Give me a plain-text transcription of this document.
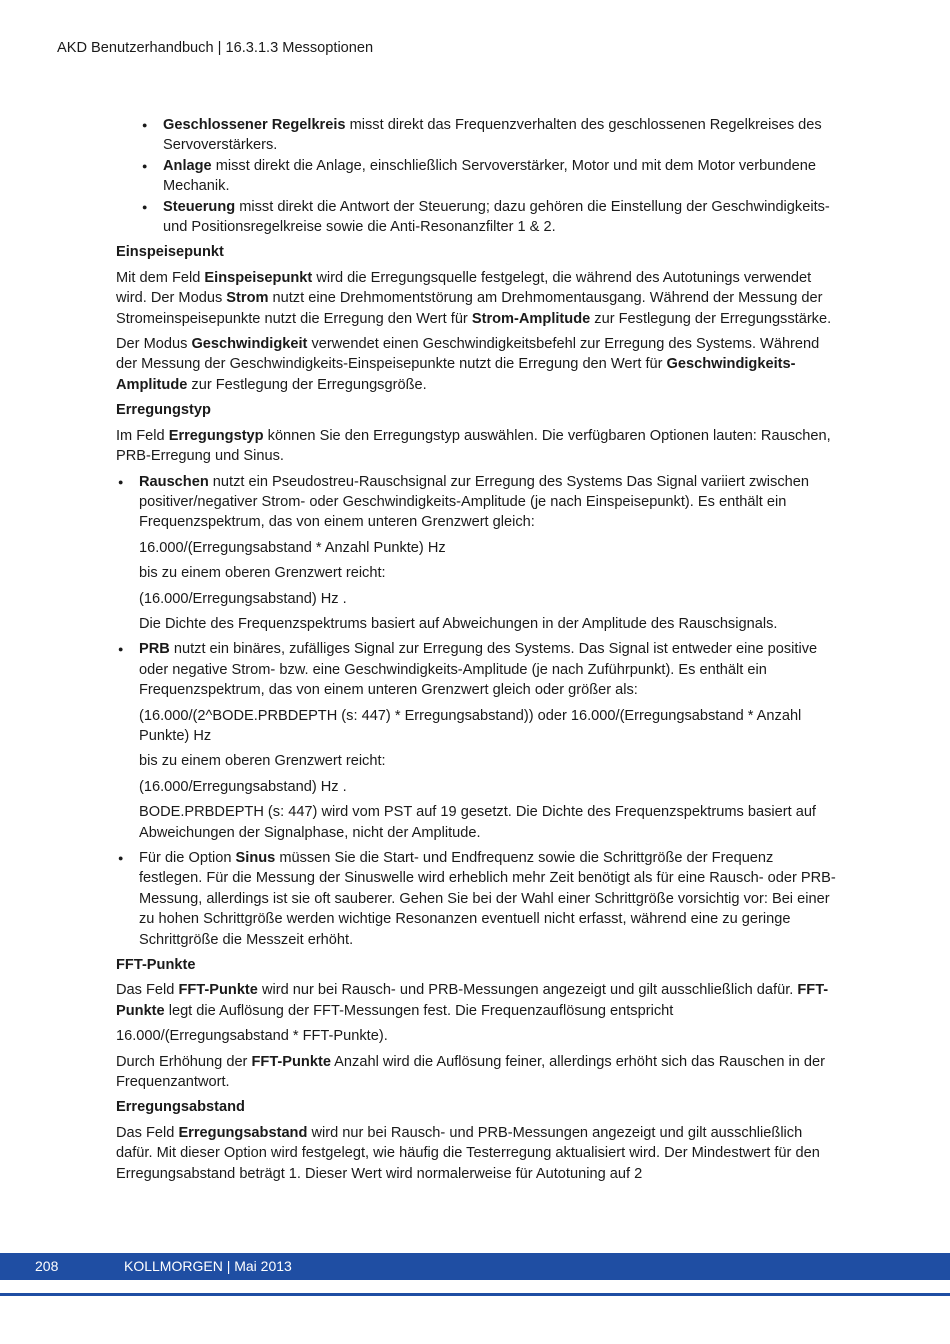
AKD Benutzerhandbuch | 16.3.1.3 Messoptionen
● Geschlossener Regelkreis misst direkt das Frequenzverhalten des geschlossenen Regelkreises des Servoverstärkers.
● Anlage misst direkt die Anlage, einschließlich Servoverstärker, Motor und mit dem Motor verbundene Mechanik.
● Steuerung misst direkt die Antwort der Steuerung; dazu gehören die Einstellung der Geschwindigkeits- und Positionsregelkreise sowie die Anti-Resonanzfilter 1 & 2.
Einspeisepunkt

Mit dem Feld Einspeisepunkt wird die Erregungsquelle festgelegt, die während des Autotunings verwendet wird. Der Modus Strom nutzt eine Drehmomentstörung am Drehmomentausgang. Während der Messung der Stromeinspeisepunkte nutzt die Erregung den Wert für Strom-Amplitude zur Festlegung der Erregungsstärke.

Der Modus Geschwindigkeit verwendet einen Geschwindigkeitsbefehl zur Erregung des Systems. Während der Messung der Geschwindigkeits-Einspeisepunkte nutzt die Erregung den Wert für Geschwindigkeits-Amplitude zur Festlegung der Erregungsgröße.

Erregungstyp

Im Feld Erregungstyp können Sie den Erregungstyp auswählen. Die verfügbaren Optionen lauten: Rauschen, PRB-Erregung und Sinus.

● Rauschen nutzt ein Pseudostreu-Rauschsignal zur Erregung des Systems Das Signal variiert zwischen positiver/negativer Strom- oder Geschwindigkeits-Amplitude (je nach Einspeisepunkt). Es enthält ein Frequenzspektrum, das von einem unteren Grenzwert gleich:

16.000/(Erregungsabstand * Anzahl Punkte) Hz

bis zu einem oberen Grenzwert reicht:

(16.000/Erregungsabstand) Hz .

Die Dichte des Frequenzspektrums basiert auf Abweichungen in der Amplitude des Rauschsignals.

● PRB nutzt ein binäres, zufälliges Signal zur Erregung des Systems. Das Signal ist entweder eine positive oder negative Strom- bzw. eine Geschwindigkeits-Amplitude (je nach Zuführpunkt). Es enthält ein Frequenzspektrum, das von einem unteren Grenzwert gleich oder größer als:

(16.000/(2^BODE.PRBDEPTH (s: 447) * Erregungsabstand)) oder 16.000/(Erregungsabstand * Anzahl Punkte) Hz

bis zu einem oberen Grenzwert reicht:

(16.000/Erregungsabstand) Hz .

BODE.PRBDEPTH (s: 447) wird vom PST auf 19 gesetzt. Die Dichte des Frequenzspektrums basiert auf Abweichungen der Signalphase, nicht der Amplitude.

● Für die Option Sinus müssen Sie die Start- und Endfrequenz sowie die Schrittgröße der Frequenz festlegen. Für die Messung der Sinuswelle wird erheblich mehr Zeit benötigt als für eine Rausch- oder PRB-Messung, allerdings ist sie oft sauberer. Gehen Sie bei der Wahl einer Schrittgröße vorsichtig vor: Bei einer zu hohen Schrittgröße werden wichtige Resonanzen eventuell nicht erfasst, während eine zu geringe Schrittgröße die Messzeit erhöht.

FFT-Punkte

Das Feld FFT-Punkte wird nur bei Rausch- und PRB-Messungen angezeigt und gilt ausschließlich dafür. FFT-Punkte legt die Auflösung der FFT-Messungen fest. Die Frequenzauflösung entspricht

16.000/(Erregungsabstand * FFT-Punkte).

Durch Erhöhung der FFT-Punkte Anzahl wird die Auflösung feiner, allerdings erhöht sich das Rauschen in der Frequenzantwort.

Erregungsabstand

Das Feld Erregungsabstand wird nur bei Rausch- und PRB-Messungen angezeigt und gilt ausschließlich dafür. Mit dieser Option wird festgelegt, wie häufig die Testerregung aktualisiert wird. Der Mindestwert für den Erregungsabstand beträgt 1. Dieser Wert wird normalerweise für Autotuning auf 2

208	KOLLMORGEN | Mai 2013
